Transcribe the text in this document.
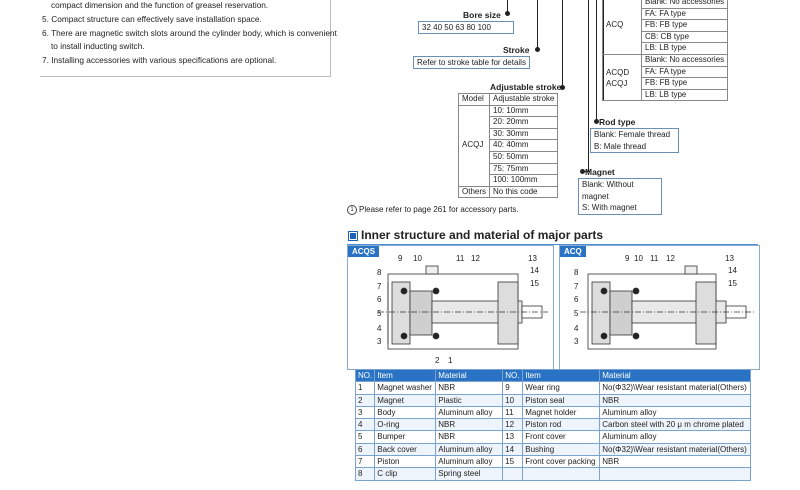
compact dimension and the function of greasel reservation.
5. Compact structure can effectively save installation space.
6. There are magnetic switch slots around the cylinder body, which is convenient
to install inducting switch.
7. Installing accessories with various specifications are optional.
Bore size
32 40 50 63 80 100
Stroke
Refer to stroke table for details
Adjustable stroke
Model	Adjustable stroke
ACQJ	10: 10mm
	20: 20mm
	30: 30mm
	40: 40mm
	50: 50mm
	75: 75mm
	100: 100mm
Others	No this code
ACQ	Blank: No accessories
	FA: FA type
	FB: FB type
	CB: CB type
	LB: LB type

ACQD
ACQJ	Blank: No accessories
	FA: FA type
	FB: FB type
	LB: LB type
Rod type
Blank: Female thread
B: Male thread
Magnet
Blank: Without magnet
S: With magnet
1 Please refer to page 261 for accessory parts.
Inner structure and material of major parts
ACQS
9 10	11 12	13
14
15
8
7
6
5
4
3
2 1
ACQ
9 10 11 12	13
14
15
8
7
6
5
4
3
NO.	Item	Material	NO.	Item	Material
1	Magnet washer	NBR	9	Wear ring	No(Φ32)\Wear resistant material(Others)
2	Magnet	Plastic	10	Piston seal	NBR
3	Body	Aluminum alloy	11	Magnet holder	Aluminum alloy
4	O-ring	NBR	12	Piston rod	Carbon steel with 20 μ m chrome plated
5	Bumper	NBR	13	Front cover	Aluminum alloy
6	Back cover	Aluminum alloy	14	Bushing	No(Φ32)\Wear resistant material(Others)
7	Piston	Aluminum alloy	15	Front cover packing	NBR
8	C clip	Spring steel			
